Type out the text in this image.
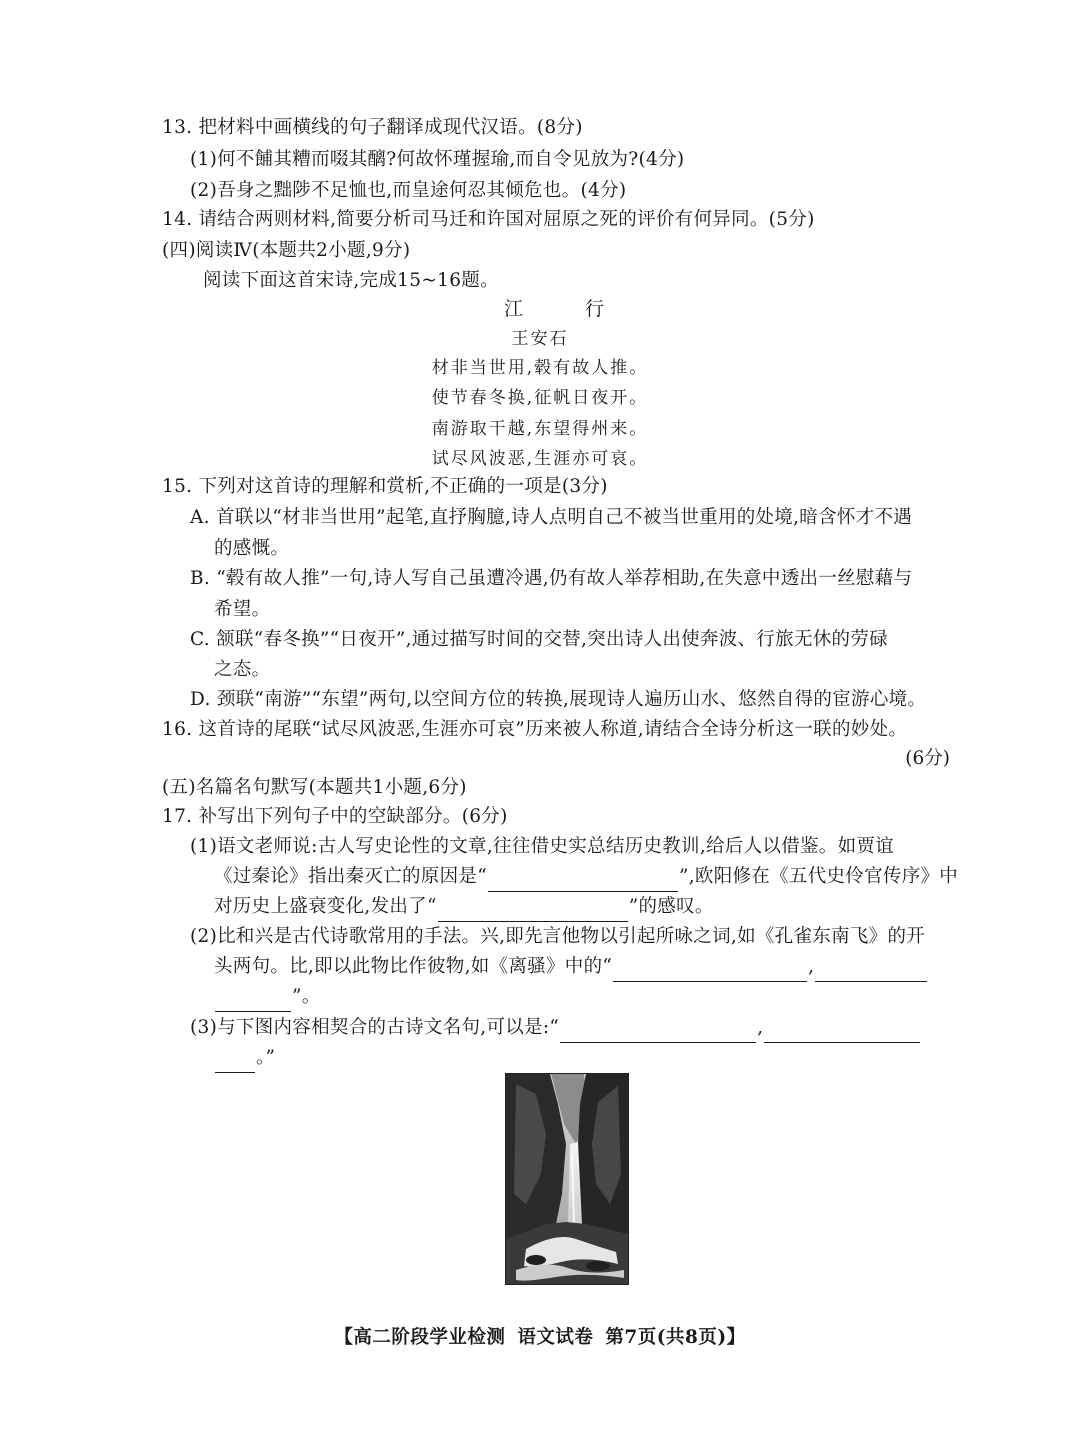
13. 把材料中画横线的句子翻译成现代汉语。(8分)
(1)何不餔其糟而啜其醨?何故怀瑾握瑜,而自令见放为?(4分)
(2)吾身之黜陟不足恤也,而皇途何忍其倾危也。(4分)
14. 请结合两则材料,简要分析司马迁和许国对屈原之死的评价有何异同。(5分)
(四)阅读Ⅳ(本题共2小题,9分)
阅读下面这首宋诗,完成15~16题。
江 行
王安石
材非当世用,毂有故人推。
使节春冬换,征帆日夜开。
南游取干越,东望得州来。
试尽风波恶,生涯亦可哀。
15. 下列对这首诗的理解和赏析,不正确的一项是(3分)
A. 首联以“材非当世用”起笔,直抒胸臆,诗人点明自己不被当世重用的处境,暗含怀才不遇
的感慨。
B. “毂有故人推”一句,诗人写自己虽遭冷遇,仍有故人举荐相助,在失意中透出一丝慰藉与
希望。
C. 颔联“春冬换”“日夜开”,通过描写时间的交替,突出诗人出使奔波、行旅无休的劳碌
之态。
D. 颈联“南游”“东望”两句,以空间方位的转换,展现诗人遍历山水、悠然自得的宦游心境。
16. 这首诗的尾联“试尽风波恶,生涯亦可哀”历来被人称道,请结合全诗分析这一联的妙处。
(6分)
(五)名篇名句默写(本题共1小题,6分)
17. 补写出下列句子中的空缺部分。(6分)
(1)语文老师说:古人写史论性的文章,往往借史实总结历史教训,给后人以借鉴。如贾谊
《过秦论》指出秦灭亡的原因是“	”,欧阳修在《五代史伶官传序》中
对历史上盛衰变化,发出了“	”的感叹。
(2)比和兴是古代诗歌常用的手法。兴,即先言他物以引起所咏之词,如《孔雀东南飞》的开
头两句。比,即以此物比作彼物,如《离骚》中的“	,
”。
(3)与下图内容相契合的古诗文名句,可以是:“	,
。”
【高二阶段学业检测 语文试卷 第7页(共8页)】
